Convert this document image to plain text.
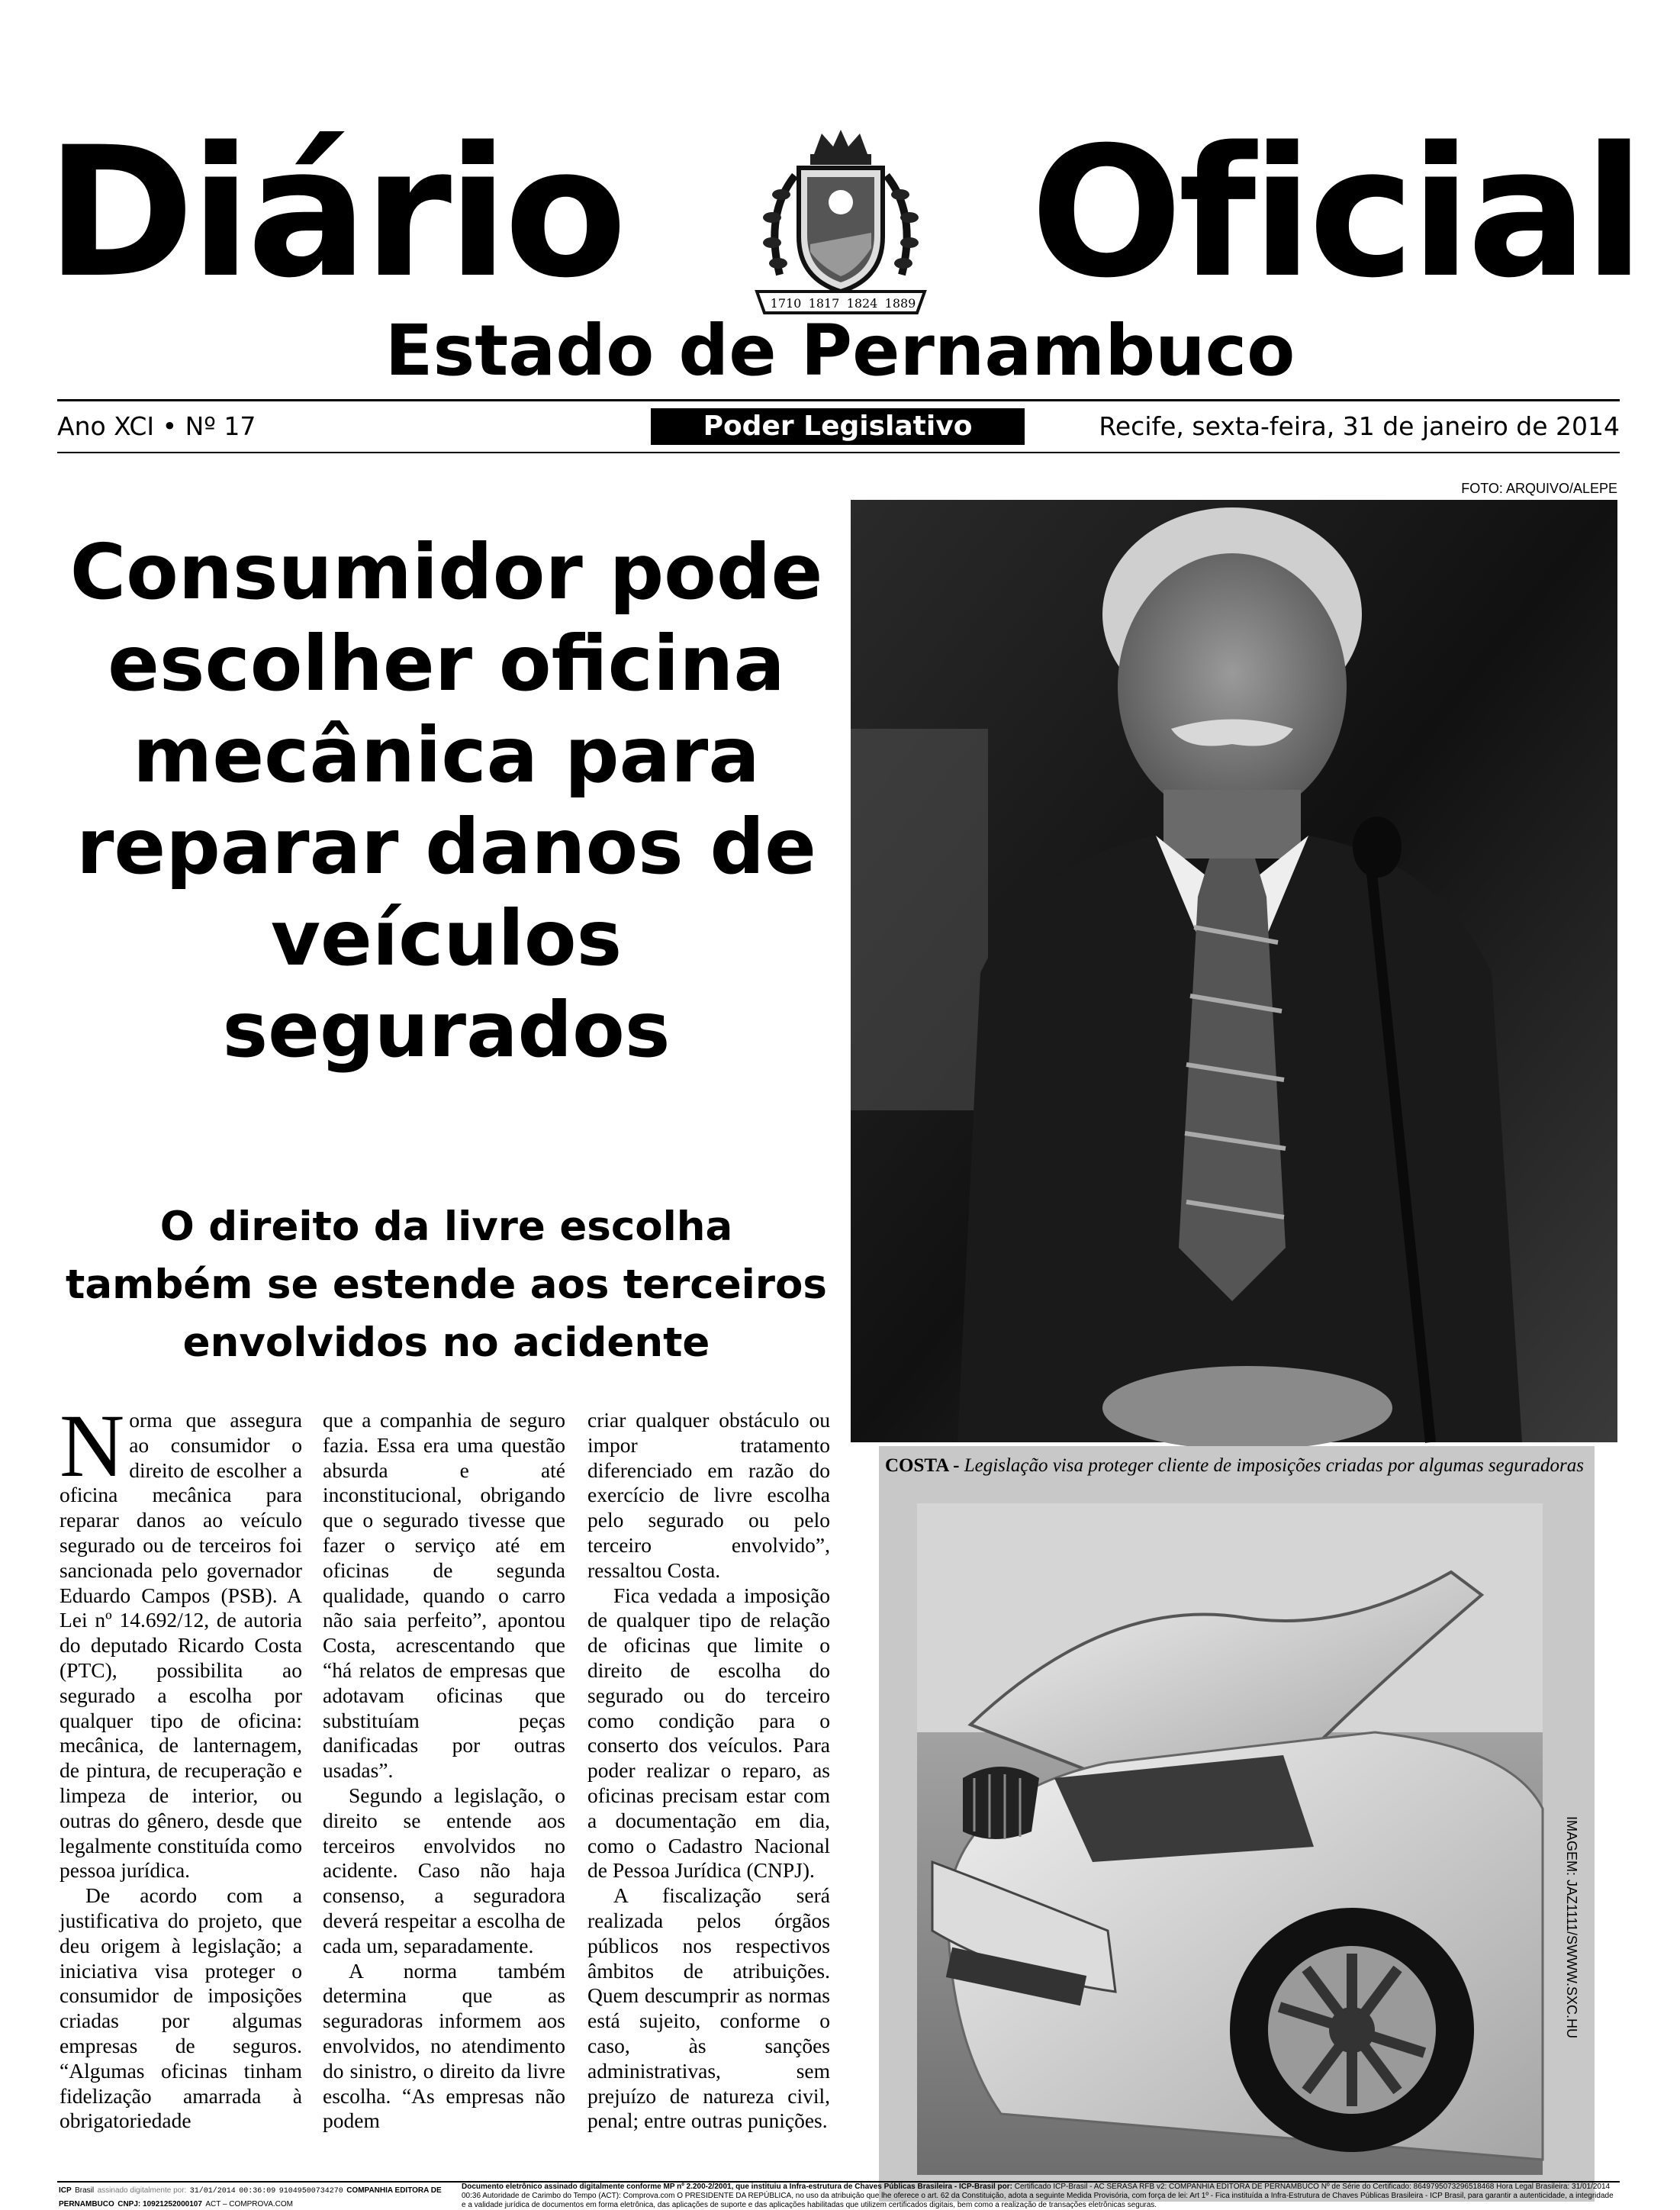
Diário	1710 1817 1824 1889 Oficial
Estado de Pernambuco
Ano XCI • Nº 17	Poder Legislativo	Recife, sexta-feira, 31 de janeiro de 2014
Consumidor pode escolher oficina mecânica para reparar danos de veículos segurados
O direito da livre escolha também se estende aos terceiros envolvidos no acidente

Norma que assegura ao consumidor o direito de escolher a oficina mecânica para reparar danos ao veículo segurado ou de terceiros foi sancionada pelo governador Eduardo Campos (PSB). A Lei nº 14.692/12, de autoria do deputado Ricardo Costa (PTC), possibilita ao segurado a escolha por qualquer tipo de oficina: mecânica, de lanternagem, de pintura, de recuperação e limpeza de interior, ou outras do gênero, desde que legalmente constituída como pessoa jurídica.

De acordo com a justificativa do projeto, que deu origem à legislação; a iniciativa visa proteger o consumidor de imposições criadas por algumas empresas de seguros. “Algumas oficinas tinham fidelização amarrada à obrigatoriedade

que a companhia de seguro fazia. Essa era uma questão absurda e até inconstitucional, obrigando que o segurado tivesse que fazer o serviço até em oficinas de segunda qualidade, quando o carro não saia perfeito”, apontou Costa, acrescentando que “há relatos de empresas que adotavam oficinas que substituíam peças danificadas por outras usadas”.

Segundo a legislação, o direito se entende aos terceiros envolvidos no acidente. Caso não haja consenso, a seguradora deverá respeitar a escolha de cada um, separadamente.

A norma também determina que as seguradoras informem aos envolvidos, no atendimento do sinistro, o direito da livre escolha. “As empresas não podem

criar qualquer obstáculo ou impor tratamento diferenciado em razão do exercício de livre escolha pelo segurado ou pelo terceiro envolvido”, ressaltou Costa.

Fica vedada a imposição de qualquer tipo de relação de oficinas que limite o direito de escolha do segurado ou do terceiro como condição para o conserto dos veículos. Para poder realizar o reparo, as oficinas precisam estar com a documentação em dia, como o Cadastro Nacional de Pessoa Jurídica (CNPJ).

A fiscalização será realizada pelos órgãos públicos nos respectivos âmbitos de atribuições. Quem descumprir as normas está sujeito, conforme o caso, às sanções administrativas, sem prejuízo de natureza civil, penal; entre outras punições.

FOTO: ARQUIVO/ALEPE
COSTA - Legislação visa proteger cliente de imposições criadas por algumas seguradoras
IMAGEM: JAZ1111/SWWW.SXC.HU
ICP Brasil assinado digitalmente por: 31/01/2014 00:36:09 91049500734270 COMPANHIA EDITORA DE PERNAMBUCO CNPJ: 10921252000107 ACT – COMPROVA.COM
Documento eletrônico assinado digitalmente conforme MP nº 2.200-2/2001, que instituiu a Infra-estrutura de Chaves Públicas Brasileira - ICP-Brasil por: Certificado ICP-Brasil - AC SERASA RFB v2: COMPANHIA EDITORA DE PERNAMBUCO Nº de Série do Certificado: 8649795073296518468 Hora Legal Brasileira: 31/01/2014 00:36 Autoridade de Carimbo do Tempo (ACT): Comprova.com O PRESIDENTE DA REPÚBLICA, no uso da atribuição que lhe oferece o art. 62 da Constituição, adota a seguinte Medida Provisória, com força de lei: Art 1º - Fica instituída a Infra-Estrutura de Chaves Públicas Brasileira - ICP Brasil, para garantir a autenticidade, a integridade e a validade jurídica de documentos em forma eletrônica, das aplicações de suporte e das aplicações habilitadas que utilizem certificados digitais, bem como a realização de transações eletrônicas seguras.
